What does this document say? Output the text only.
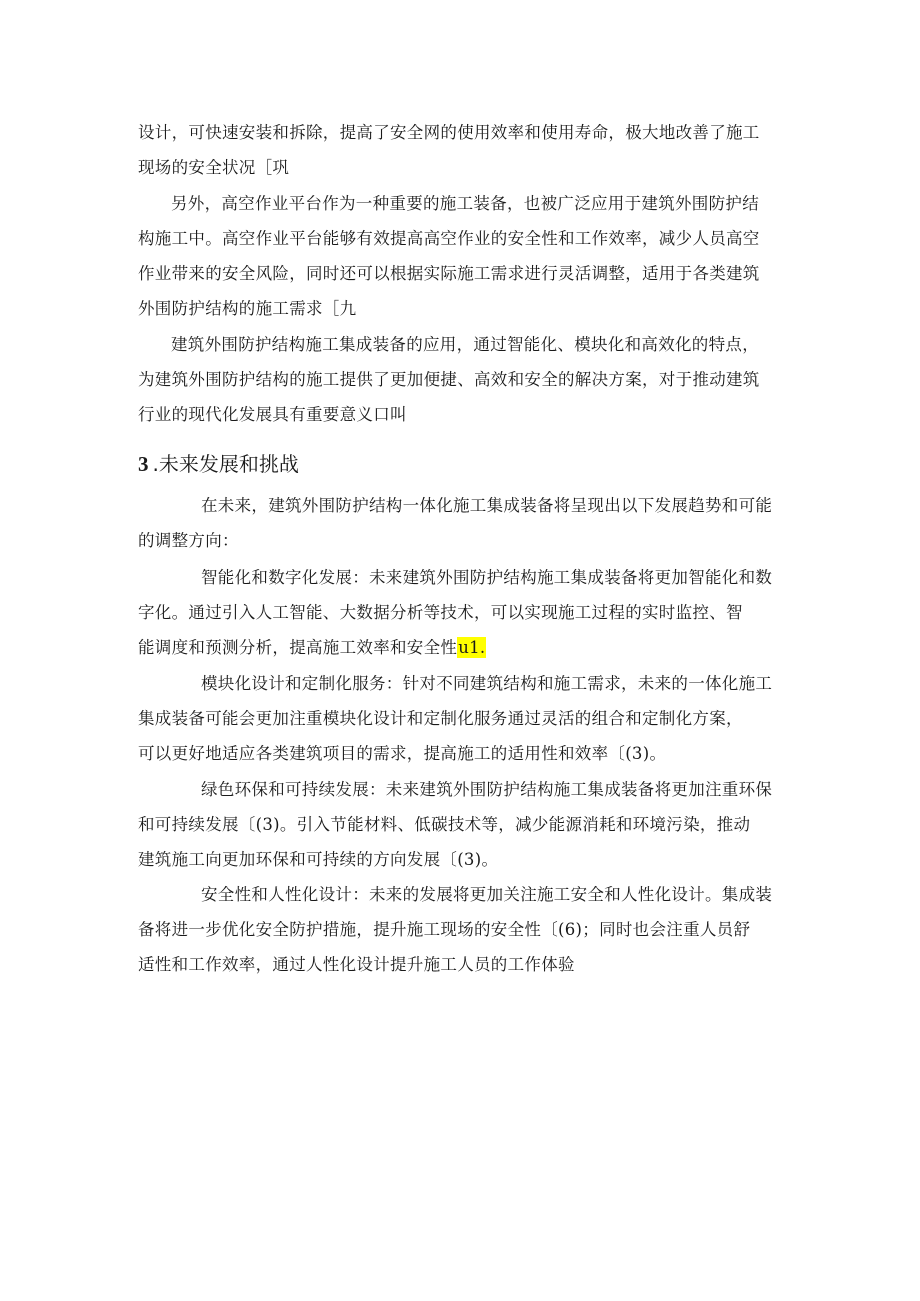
设计，可快速安装和拆除，提高了安全网的使用效率和使用寿命，极大地改善了施工
现场的安全状况［巩

另外，高空作业平台作为一种重要的施工装备，也被广泛应用于建筑外围防护结
构施工中。高空作业平台能够有效提高高空作业的安全性和工作效率，减少人员高空
作业带来的安全风险，同时还可以根据实际施工需求进行灵活调整，适用于各类建筑
外围防护结构的施工需求［九

建筑外围防护结构施工集成装备的应用，通过智能化、模块化和高效化的特点，
为建筑外围防护结构的施工提供了更加便捷、高效和安全的解决方案，对于推动建筑
行业的现代化发展具有重要意义口叫

3 .未来发展和挑战

在未来，建筑外围防护结构一体化施工集成装备将呈现出以下发展趋势和可能
的调整方向：

智能化和数字化发展：未来建筑外围防护结构施工集成装备将更加智能化和数
字化。通过引入人工智能、大数据分析等技术，可以实现施工过程的实时监控、智
能调度和预测分析，提高施工效率和安全性u1.

模块化设计和定制化服务：针对不同建筑结构和施工需求，未来的一体化施工
集成装备可能会更加注重模块化设计和定制化服务通过灵活的组合和定制化方案，
可以更好地适应各类建筑项目的需求，提高施工的适用性和效率〔(3)。

绿色环保和可持续发展：未来建筑外围防护结构施工集成装备将更加注重环保
和可持续发展〔(3)。引入节能材料、低碳技术等，减少能源消耗和环境污染，推动
建筑施工向更加环保和可持续的方向发展〔(3)。

安全性和人性化设计：未来的发展将更加关注施工安全和人性化设计。集成装
备将进一步优化安全防护措施，提升施工现场的安全性〔(6)；同时也会注重人员舒
适性和工作效率，通过人性化设计提升施工人员的工作体验
